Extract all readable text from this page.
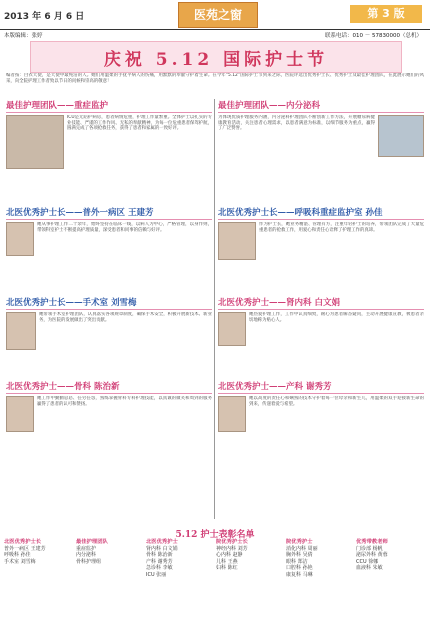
2013 年 6 月 6 日	医苑之窗	第 3 版
本版编辑：张婷	联系电话：010 － 57830000（总机）
庆祝 5.12 国际护士节
编者按：白衣天使，是天使中最纯洁的人。她们用温柔的手抚平病人的伤痛，用默默的奉献守护着生命。在今年“5.12”国际护士节到来之际，医院评选出优秀护士长、优秀护士及最佳护理团队，在此展示她们的风采，向全院护理工作者致以节日的问候和崇高的敬意！
最佳护理团队——重症监护
ICU是无陪护病房，患者病情危重，护理工作量繁重。全体护士以扎实的专业技能、严谨的工作作风、无私的奉献精神，为每一位危重患者保驾护航，圆满完成了各项抢救任务，获得了患者和家属的一致好评。
最佳护理团队——内分泌科
为体现优质护理服务内涵，内分泌科护理团队不断创新工作方法，开展糖尿病健康教育活动，关注患者心理需求，以患者满意为标准，以细节服务为重点，赢得了广泛赞誉。
北医优秀护士长——普外一病区 王建芳
她从事护理工作二十余年，始终坚持在临床一线，以病人为中心，严格管理，以身作则，带领科室护士不断提高护理质量，深受患者和同事的信赖与好评。
北医优秀护士长——呼吸科重症监护室 孙佳
作为护士长，她业务精湛、管理有方，注重年轻护士的培养，带领团队完成了大量危重患者的抢救工作，用爱心和责任心诠释了护理工作的真谛。
北医优秀护士长——手术室 刘雪梅
她带领手术室护理团队，认真落实各项规章制度，确保手术安全，积极开展新技术、新业务，为医院的发展做出了突出贡献。
北医优秀护士——肾内科 白文娟
她热爱护理工作，工作中认真细致，耐心为患者解答疑问，主动开展健康宣教，被患者亲切地称为贴心人。
北医优秀护士——骨科 陈治新
她工作中勤勤恳恳、任劳任怨，熟练掌握骨科专科护理技能，以真诚的微笑和周到的服务赢得了患者的认可和赞扬。
北医优秀护士——产科 谢秀芳
她以高度的责任心和娴熟的技术守护着每一位母亲和新生儿，用温柔的双手迎接新生命的到来，传递着爱与希望。
5.12 护士表彰名单
北医优秀护士长
普外一病区 王建芳
呼吸科 孙佳
手术室 刘雪梅
最佳护理团队
重症监护
内分泌科
骨科护理组
北医优秀护士
肾内科 白文娟
骨科 陈治新
产科 谢秀芳
急诊科 李敏
ICU 张丽
院优秀护士长
神经内科 刘芳
心内科 赵静
儿科 王燕
妇科 陈红
院优秀护士
消化内科 周丽
胸外科 吴倩
眼科 郑洁
口腔科 孙艳
康复科 马琳
优秀带教老师
门诊部 杨帆
泌尿外科 黄蓉
CCU 徐娜
血液科 朱敏
